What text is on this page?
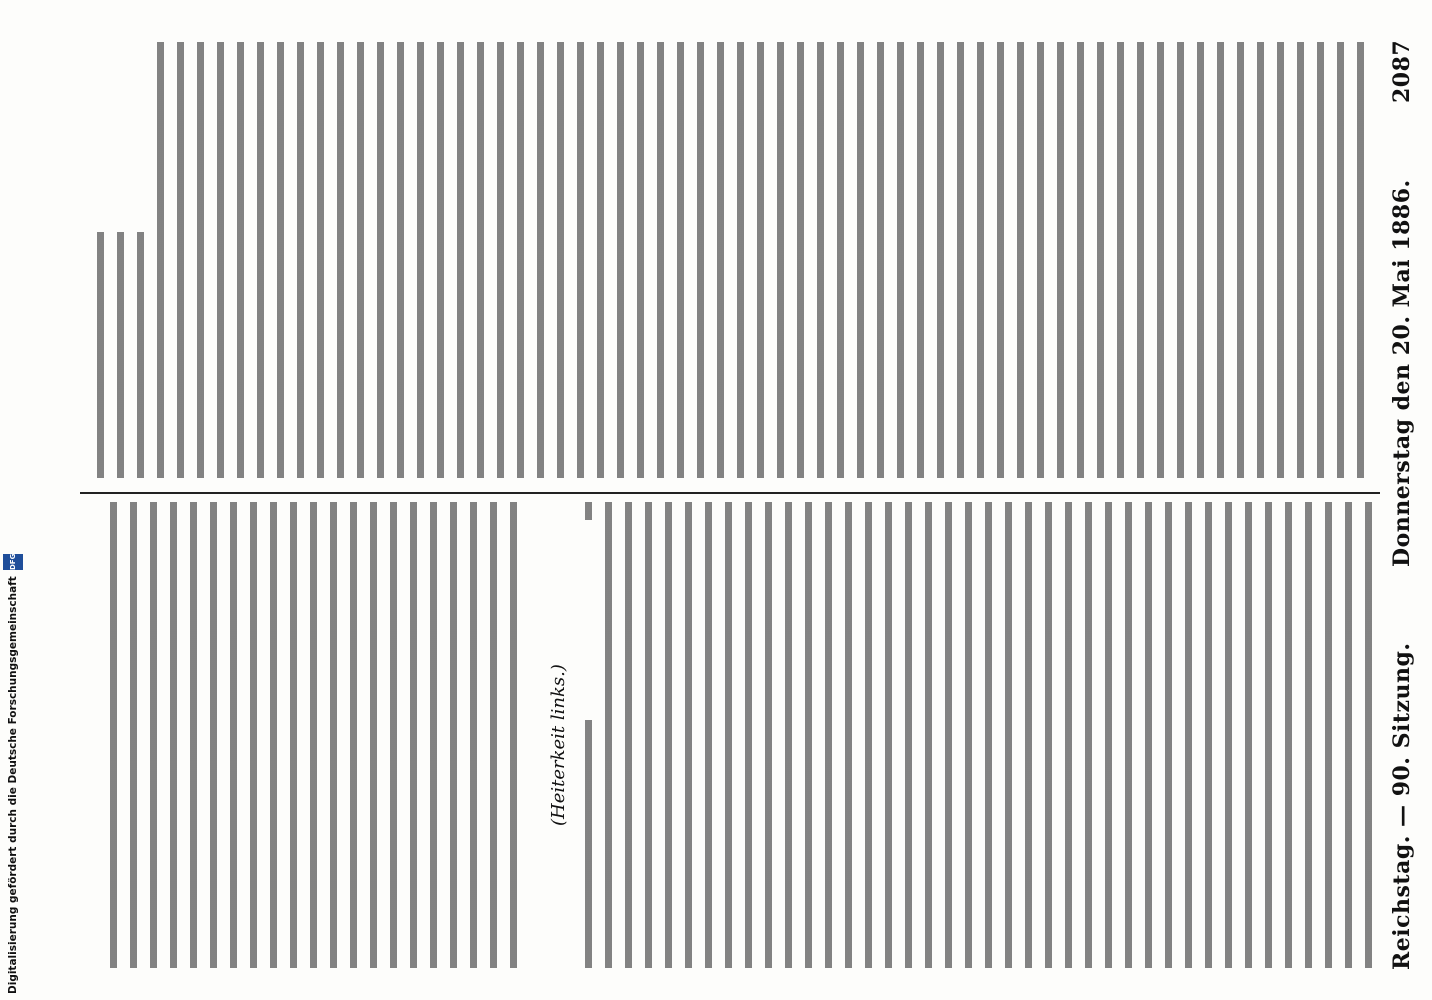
Reichstag. — 90. Sitzung.
Donnerstag den 20. Mai 1886.
2087
(Heiterkeit links.)
Digitalisierung gefördert durch die Deutsche Forschungsgemeinschaft
DFG
